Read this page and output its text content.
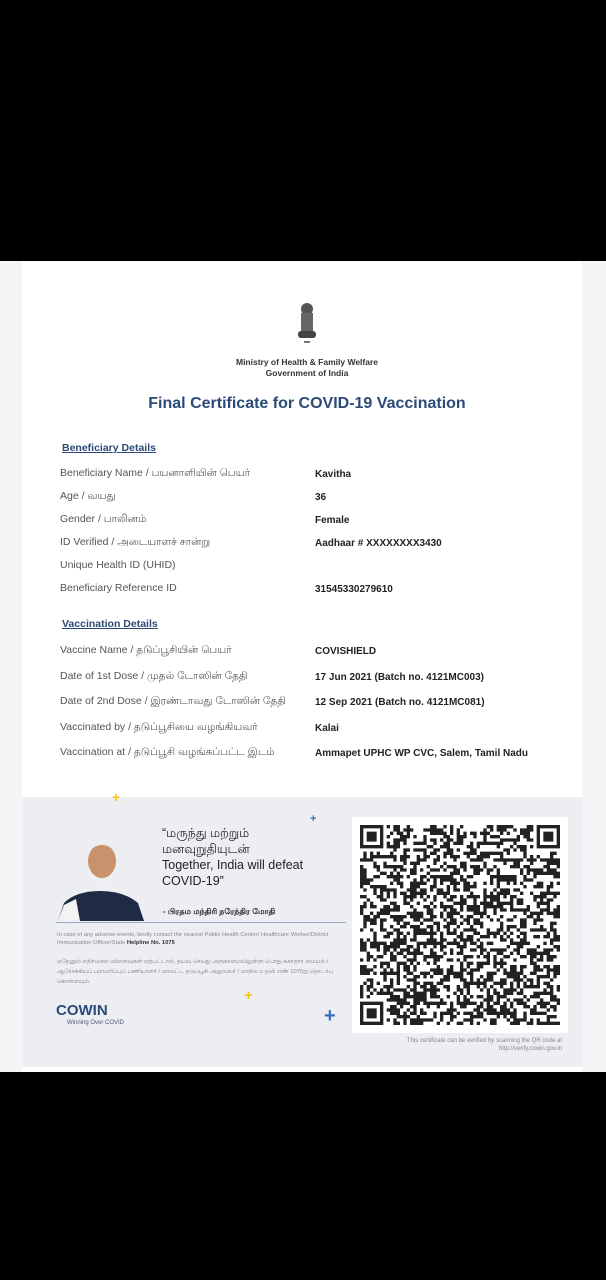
Ministry of Health & Family Welfare
Government of India
Final Certificate for COVID-19 Vaccination
Beneficiary Details
Beneficiary Name / பயனாளியின் பெயர்	Kavitha
Age / வயது	36
Gender / பாலினம்	Female
ID Verified / அடையாளச் சான்று	Aadhaar # XXXXXXXX3430
Unique Health ID (UHID)
Beneficiary Reference ID	31545330279610
Vaccination Details
Vaccine Name / தடுப்பூசியின் பெயர்	COVISHIELD
Date of 1st Dose / முதல் டோஸின் தேதி	17 Jun 2021 (Batch no. 4121MC003)
Date of 2nd Dose / இரண்டாவது டோஸின் தேதி	12 Sep 2021 (Batch no. 4121MC081)
Vaccinated by / தடுப்பூசியை வழங்கியவர்	Kalai
Vaccination at / தடுப்பூசி வழங்கப்பட்ட இடம்	Ammapet UPHC WP CVC, Salem, Tamil Nadu
+
+
+
+
“மருந்து மற்றும் மனவுறுதியுடன்
Together, India will defeat COVID-19”
- பிரதம மந்திரி நரேந்திர மோதி
In case of any adverse events, kindly contact the nearest Public Health Center/ Healthcare Worker/District Immunization Officer/State Helpline No. 1075
ஏதேனும் எதிர்மறை விளைவுகள் ஏற்பட்டால், தயவு செய்து அருகாமையிலுள்ள பொது சுகாதார மையம் / ஆரோக்கியப் பராமரிப்புப் பணியாளர் / மாவட்ட தடுப்பூசி அலுவலர் / மாநில உதவி எண் 1075ஐ தொடர்பு கொள்ளவும்.
COWIN
Winning Over COVID
This certificate can be verified by scanning the QR code at
http://verify.cowin.gov.in
